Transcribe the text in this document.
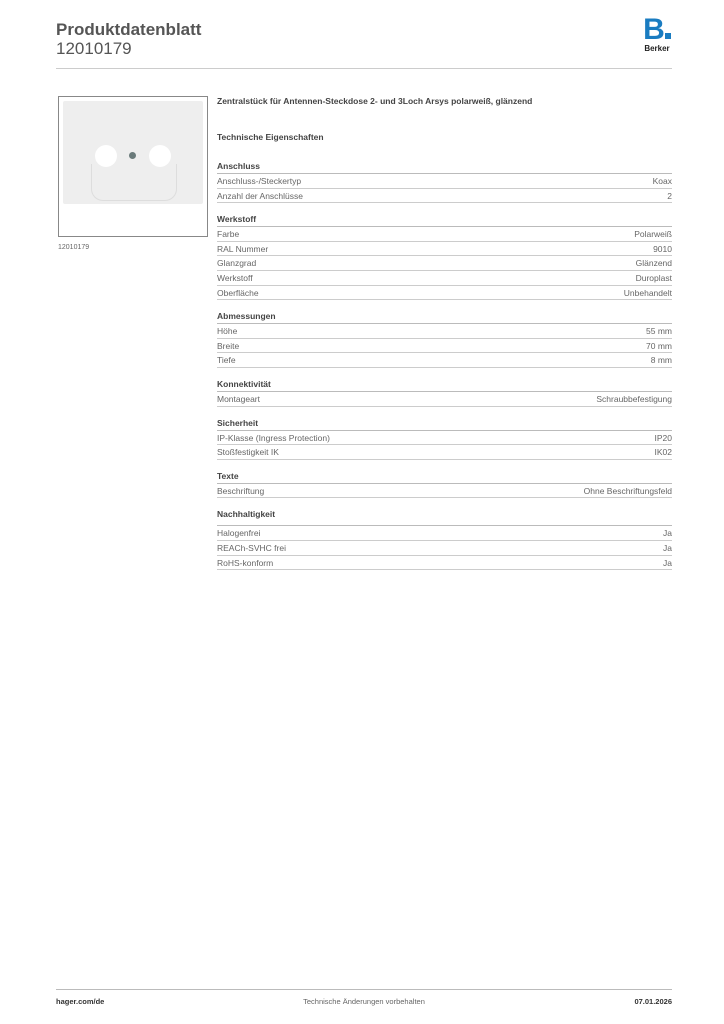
Produktdatenblatt
12010179
B
Berker
12010179
Zentralstück für Antennen-Steckdose 2- und 3Loch Arsys polarweiß, glänzend
Technische Eigenschaften
Anschluss
Anschluss-/Steckertyp	Koax
Anzahl der Anschlüsse	2
Werkstoff
Farbe	Polarweiß
RAL Nummer	9010
Glanzgrad	Glänzend
Werkstoff	Duroplast
Oberfläche	Unbehandelt
Abmessungen
Höhe	55 mm
Breite	70 mm
Tiefe	8 mm
Konnektivität
Montageart	Schraubbefestigung
Sicherheit
IP-Klasse (Ingress Protection)	IP20
Stoßfestigkeit IK	IK02
Texte
Beschriftung	Ohne Beschriftungsfeld
Nachhaltigkeit
Halogenfrei	Ja
REACh-SVHC frei	Ja
RoHS-konform	Ja
hager.com/de	Technische Änderungen vorbehalten	07.01.2026
